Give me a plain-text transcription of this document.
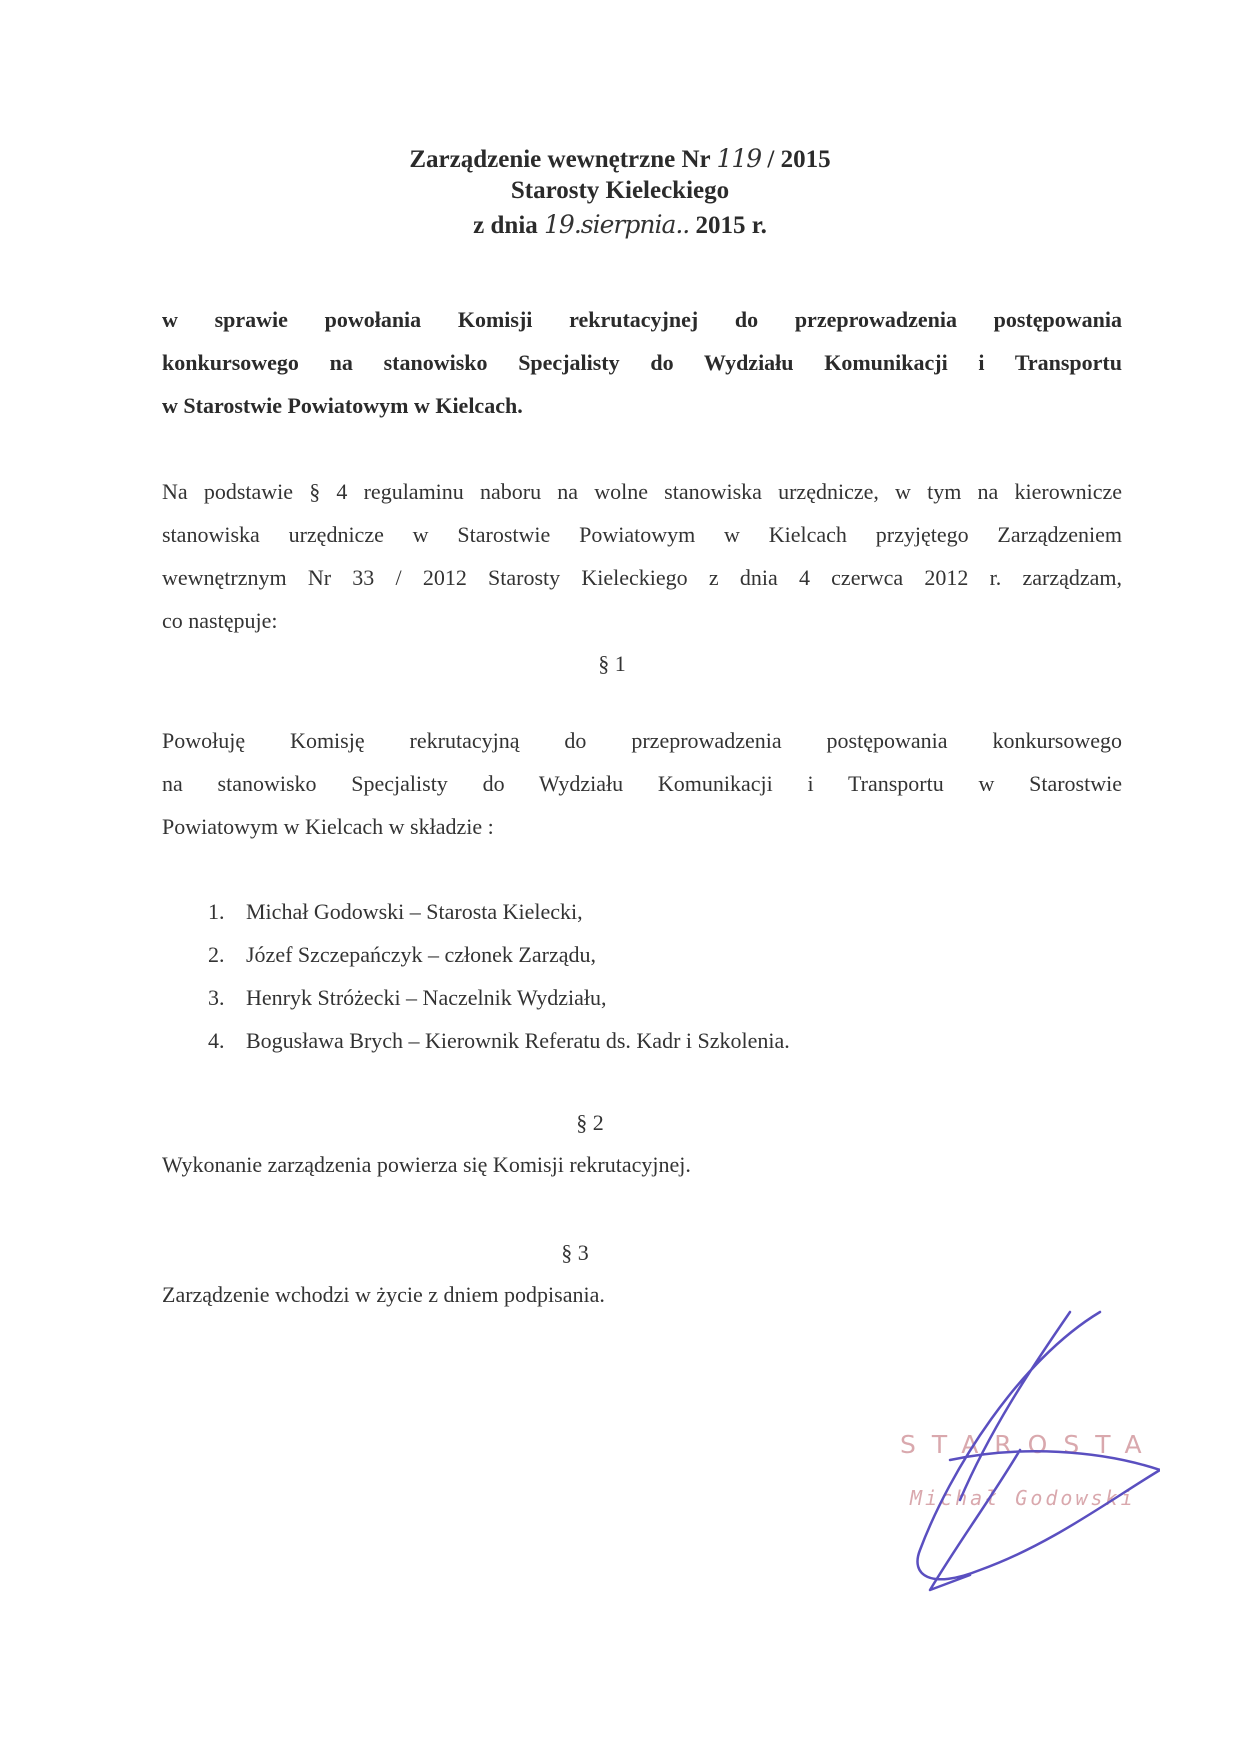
Zarządzenie wewnętrzne Nr 119 / 2015
Starosty Kieleckiego
z dnia 19.sierpnia.. 2015 r.
w sprawie powołania Komisji rekrutacyjnej do przeprowadzenia postępowania
konkursowego na stanowisko Specjalisty do Wydziału Komunikacji i Transportu
w Starostwie Powiatowym w Kielcach.
Na podstawie § 4 regulaminu naboru na wolne stanowiska urzędnicze, w tym na kierownicze
stanowiska urzędnicze w Starostwie Powiatowym w Kielcach przyjętego Zarządzeniem
wewnętrznym Nr 33 / 2012 Starosty Kieleckiego z dnia 4 czerwca 2012 r. zarządzam,
co następuje:
§ 1
Powołuję Komisję rekrutacyjną do przeprowadzenia postępowania konkursowego
na stanowisko Specjalisty do Wydziału Komunikacji i Transportu w Starostwie
Powiatowym w Kielcach w składzie :
1. Michał Godowski – Starosta Kielecki,
2. Józef Szczepańczyk – członek Zarządu,
3. Henryk Stróżecki – Naczelnik Wydziału,
4. Bogusława Brych – Kierownik Referatu ds. Kadr i Szkolenia.
§ 2
Wykonanie zarządzenia powierza się Komisji rekrutacyjnej.
§ 3
Zarządzenie wchodzi w życie z dniem podpisania.
STAROSTA
Michał Godowski
